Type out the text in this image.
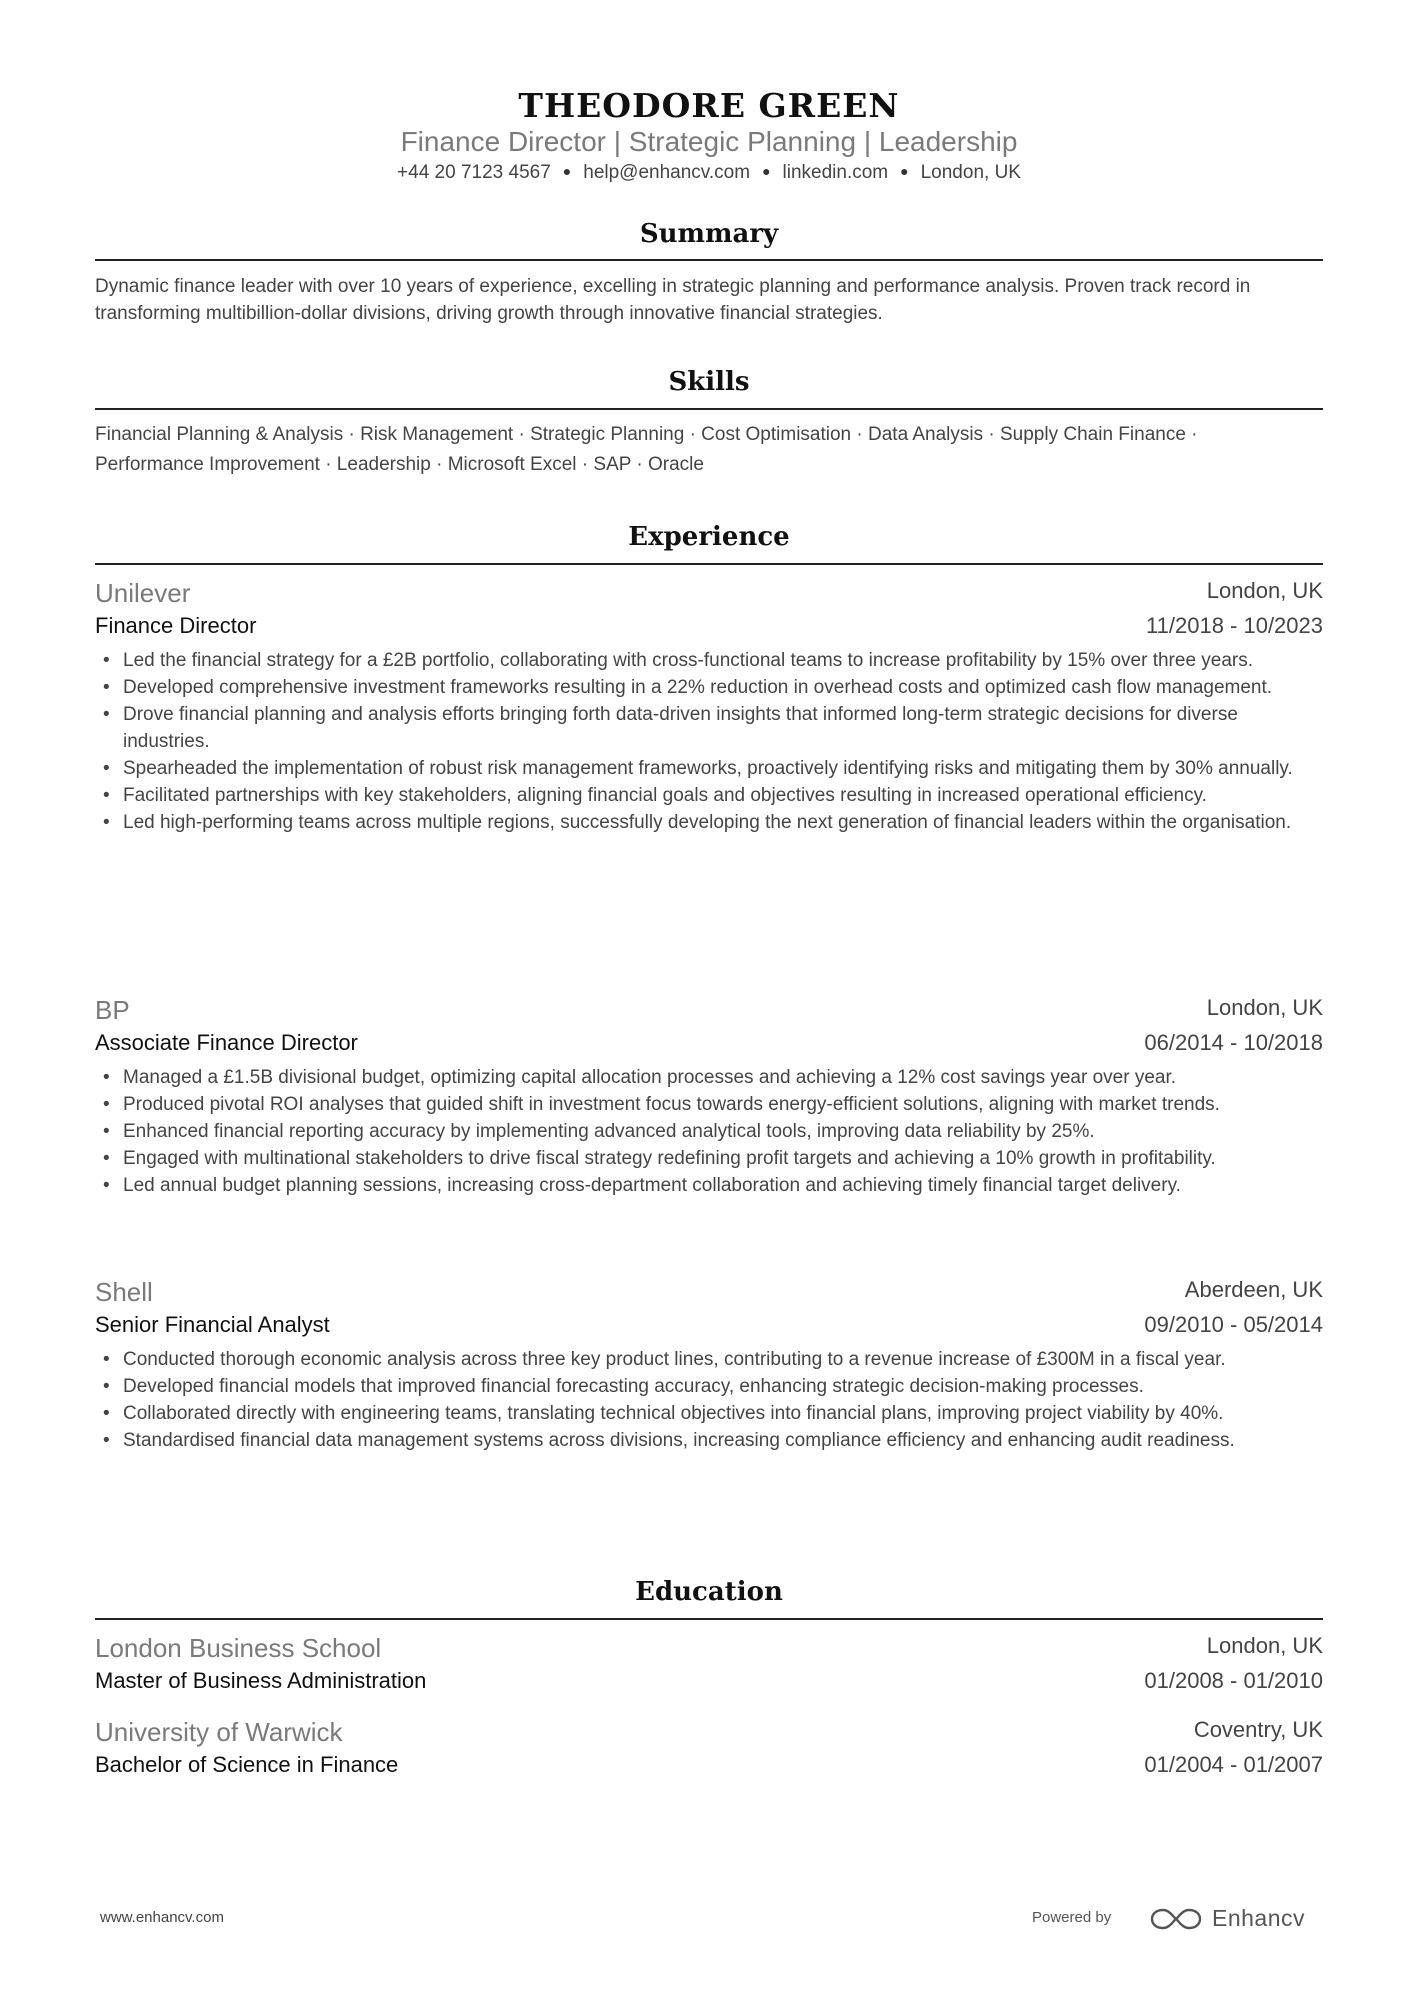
THEODORE GREEN
Finance Director | Strategic Planning | Leadership
+44 20 7123 4567 ● help@enhancv.com ● linkedin.com ● London, UK
Summary
Dynamic finance leader with over 10 years of experience, excelling in strategic planning and performance analysis. Proven track record in transforming multibillion-dollar divisions, driving growth through innovative financial strategies.
Skills
Financial Planning & Analysis · Risk Management · Strategic Planning · Cost Optimisation · Data Analysis · Supply Chain Finance ·
Performance Improvement · Leadership · Microsoft Excel · SAP · Oracle
Experience
Unilever	London, UK
Finance Director	11/2018 - 10/2023
• Led the financial strategy for a £2B portfolio, collaborating with cross-functional teams to increase profitability by 15% over three years.
• Developed comprehensive investment frameworks resulting in a 22% reduction in overhead costs and optimized cash flow management.
• Drove financial planning and analysis efforts bringing forth data-driven insights that informed long-term strategic decisions for diverse industries.
• Spearheaded the implementation of robust risk management frameworks, proactively identifying risks and mitigating them by 30% annually.
• Facilitated partnerships with key stakeholders, aligning financial goals and objectives resulting in increased operational efficiency.
• Led high-performing teams across multiple regions, successfully developing the next generation of financial leaders within the organisation.
BP	London, UK
Associate Finance Director	06/2014 - 10/2018
• Managed a £1.5B divisional budget, optimizing capital allocation processes and achieving a 12% cost savings year over year.
• Produced pivotal ROI analyses that guided shift in investment focus towards energy-efficient solutions, aligning with market trends.
• Enhanced financial reporting accuracy by implementing advanced analytical tools, improving data reliability by 25%.
• Engaged with multinational stakeholders to drive fiscal strategy redefining profit targets and achieving a 10% growth in profitability.
• Led annual budget planning sessions, increasing cross-department collaboration and achieving timely financial target delivery.
Shell	Aberdeen, UK
Senior Financial Analyst	09/2010 - 05/2014
• Conducted thorough economic analysis across three key product lines, contributing to a revenue increase of £300M in a fiscal year.
• Developed financial models that improved financial forecasting accuracy, enhancing strategic decision-making processes.
• Collaborated directly with engineering teams, translating technical objectives into financial plans, improving project viability by 40%.
• Standardised financial data management systems across divisions, increasing compliance efficiency and enhancing audit readiness.
Education
London Business School	London, UK
Master of Business Administration	01/2008 - 01/2010
University of Warwick	Coventry, UK
Bachelor of Science in Finance	01/2004 - 01/2007
www.enhancv.com	Powered by	Enhancv
